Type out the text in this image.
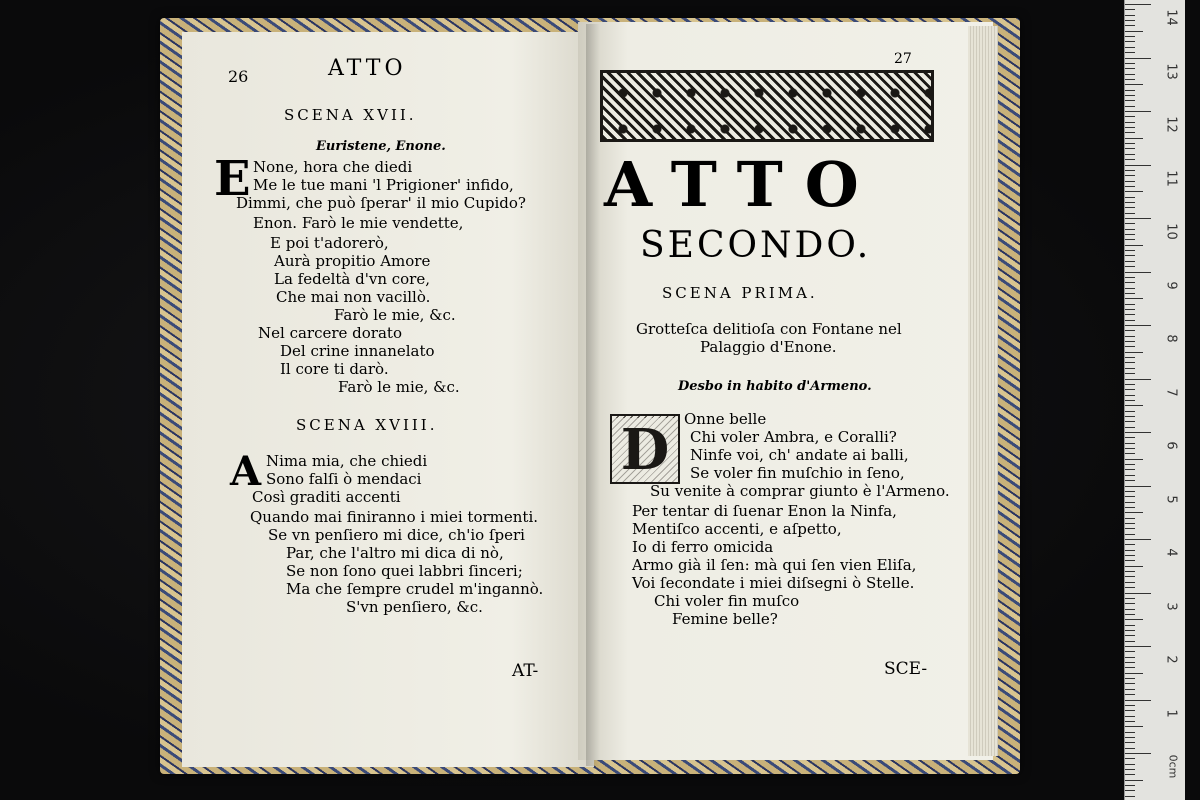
26	ATTO
SCENA XVII.
Euristene, Enone.
E None, hora che diedi
Me le tue mani 'l Prigioner' infido,
Dimmi, che può ſperar' il mio Cupido?
Enon. Farò le mie vendette,
E poi t'adorerò,
Aurà propitio Amore
La fedeltà d'vn core,
Che mai non vacillò.
Farò le mie, &c.
Nel carcere dorato
Del crine innanelato
Il core ti darò.
Farò le mie, &c.
SCENA XVIII.
A Nima mia, che chiedi
Sono falſi ò mendaci
Così graditi accenti
Quando mai finiranno i miei tormenti.
Se vn penſiero mi dice, ch'io ſperi
Par, che l'altro mi dica di nò,
Se non ſono quei labbri ſinceri;
Ma che ſempre crudel m'ingannò.
S'vn penſiero, &c.
AT-
27
ATTO
SECONDO.
SCENA PRIMA.
Grotteſca delitioſa con Fontane nel
Palaggio d'Enone.
Desbo in habito d'Armeno.
D Onne belle
Chi voler Ambra, e Coralli?
Ninfe voi, ch' andate ai balli,
Se voler fin muſchio in ſeno,
Su venite à comprar giunto è l'Armeno.
Per tentar di ſuenar Enon la Ninfa,
Mentiſco accenti, e aſpetto,
Io di ferro omicida
Armo già il ſen: mà qui ſen vien Eliſa,
Voi ſecondate i miei diſsegni ò Stelle.
Chi voler fin muſco
Femine belle?
SCE-
0cm
14
13
12
11
10
9
8
7
6
5
4
3
2
1
